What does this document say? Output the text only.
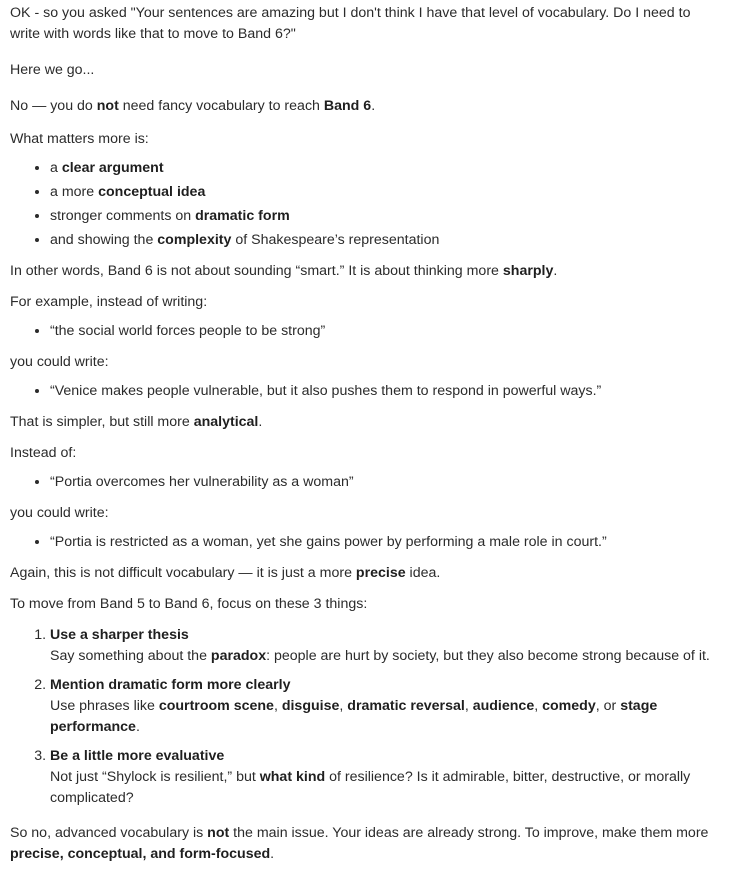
OK - so you asked "Your sentences are amazing but I don't think I have that level of vocabulary. Do I need to write with words like that to move to Band 6?"

Here we go...

No — you do not need fancy vocabulary to reach Band 6.

What matters more is:

• a clear argument
• a more conceptual idea
• stronger comments on dramatic form
• and showing the complexity of Shakespeare’s representation

In other words, Band 6 is not about sounding “smart.” It is about thinking more sharply.

For example, instead of writing:

• “the social world forces people to be strong”

you could write:

• “Venice makes people vulnerable, but it also pushes them to respond in powerful ways.”

That is simpler, but still more analytical.

Instead of:

• “Portia overcomes her vulnerability as a woman”

you could write:

• “Portia is restricted as a woman, yet she gains power by performing a male role in court.”

Again, this is not difficult vocabulary — it is just a more precise idea.

To move from Band 5 to Band 6, focus on these 3 things:

1. Use a sharper thesis
Say something about the paradox: people are hurt by society, but they also become strong because of it.
2. Mention dramatic form more clearly
Use phrases like courtroom scene, disguise, dramatic reversal, audience, comedy, or stage performance.
3. Be a little more evaluative
Not just “Shylock is resilient,” but what kind of resilience? Is it admirable, bitter, destructive, or morally complicated?

So no, advanced vocabulary is not the main issue. Your ideas are already strong. To improve, make them more precise, conceptual, and form-focused.
